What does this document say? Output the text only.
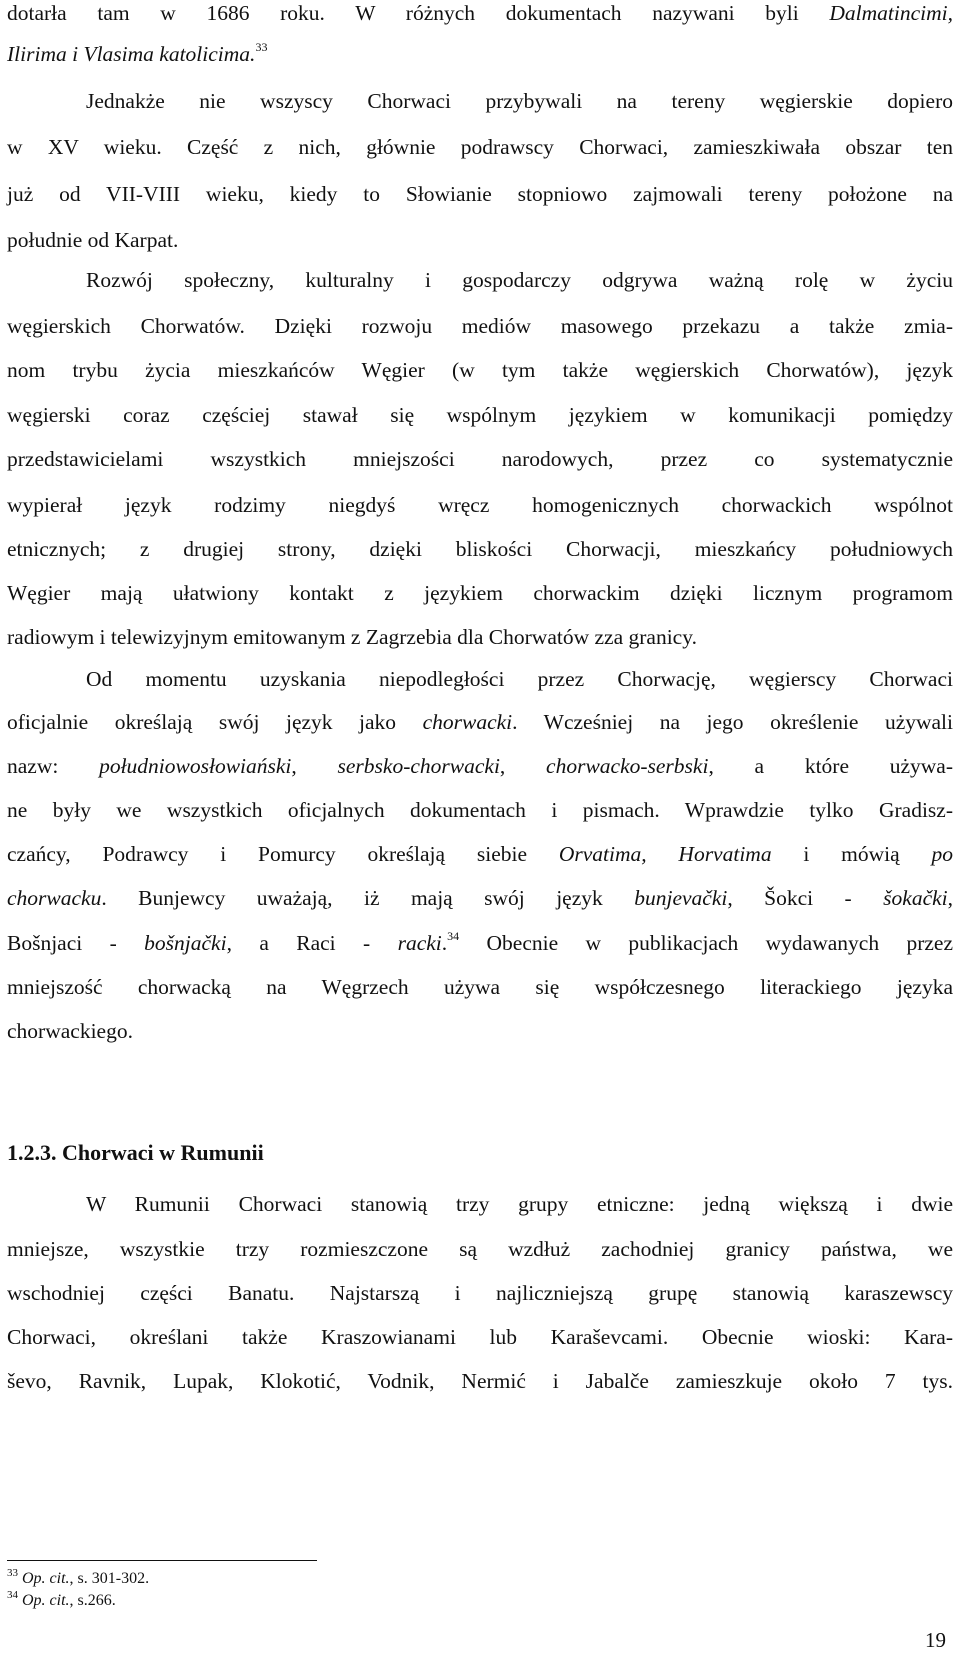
dotarła tam w 1686 roku. W różnych dokumentach nazywani byli Dalmatincimi,
Ilirima i Vlasima katolicima.$^{33}$
Jednakże nie wszyscy Chorwaci przybywali na tereny węgierskie dopiero
w XV wieku. Część z nich, głównie podrawscy Chorwaci, zamieszkiwała obszar ten
już od VII-VIII wieku, kiedy to Słowianie stopniowo zajmowali tereny położone na
południe od Karpat.
Rozwój społeczny, kulturalny i gospodarczy odgrywa ważną rolę w życiu
węgierskich Chorwatów. Dzięki rozwoju mediów masowego przekazu a także zmia-
nom trybu życia mieszkańców Węgier (w tym także węgierskich Chorwatów), język
węgierski coraz częściej stawał się wspólnym językiem w komunikacji pomiędzy
przedstawicielami wszystkich mniejszości narodowych, przez co systematycznie
wypierał język rodzimy niegdyś wręcz homogenicznych chorwackich wspólnot
etnicznych; z drugiej strony, dzięki bliskości Chorwacji, mieszkańcy południowych
Węgier mają ułatwiony kontakt z językiem chorwackim dzięki licznym programom
radiowym i telewizyjnym emitowanym z Zagrzebia dla Chorwatów zza granicy.
Od momentu uzyskania niepodległości przez Chorwację, węgierscy Chorwaci
oficjalnie określają swój język jako chorwacki. Wcześniej na jego określenie używali
nazw: południowosłowiański, serbsko-chorwacki, chorwacko-serbski, a które używa-
ne były we wszystkich oficjalnych dokumentach i pismach. Wprawdzie tylko Gradisz-
czańcy, Podrawcy i Pomurcy określają siebie Orvatima, Horvatima i mówią po
chorwacku. Bunjewcy uważają, iż mają swój język bunjevački, Šokci - šokački,
Bošnjaci - bošnjački, a Raci - racki.$^{34}$ Obecnie w publikacjach wydawanych przez
mniejszość chorwacką na Węgrzech używa się współczesnego literackiego języka
chorwackiego.
1.2.3. Chorwaci w Rumunii
W Rumunii Chorwaci stanowią trzy grupy etniczne: jedną większą i dwie
mniejsze, wszystkie trzy rozmieszczone są wzdłuż zachodniej granicy państwa, we
wschodniej części Banatu. Najstarszą i najliczniejszą grupę stanowią karaszewscy
Chorwaci, określani także Kraszowianami lub Karaševcami. Obecnie wioski: Kara-
ševo, Ravnik, Lupak, Klokotić, Vodnik, Nermić i Jabalče zamieszkuje około 7 tys.
$^{33}$ Op. cit., s. 301-302.
$^{34}$ Op. cit., s.266.
19
